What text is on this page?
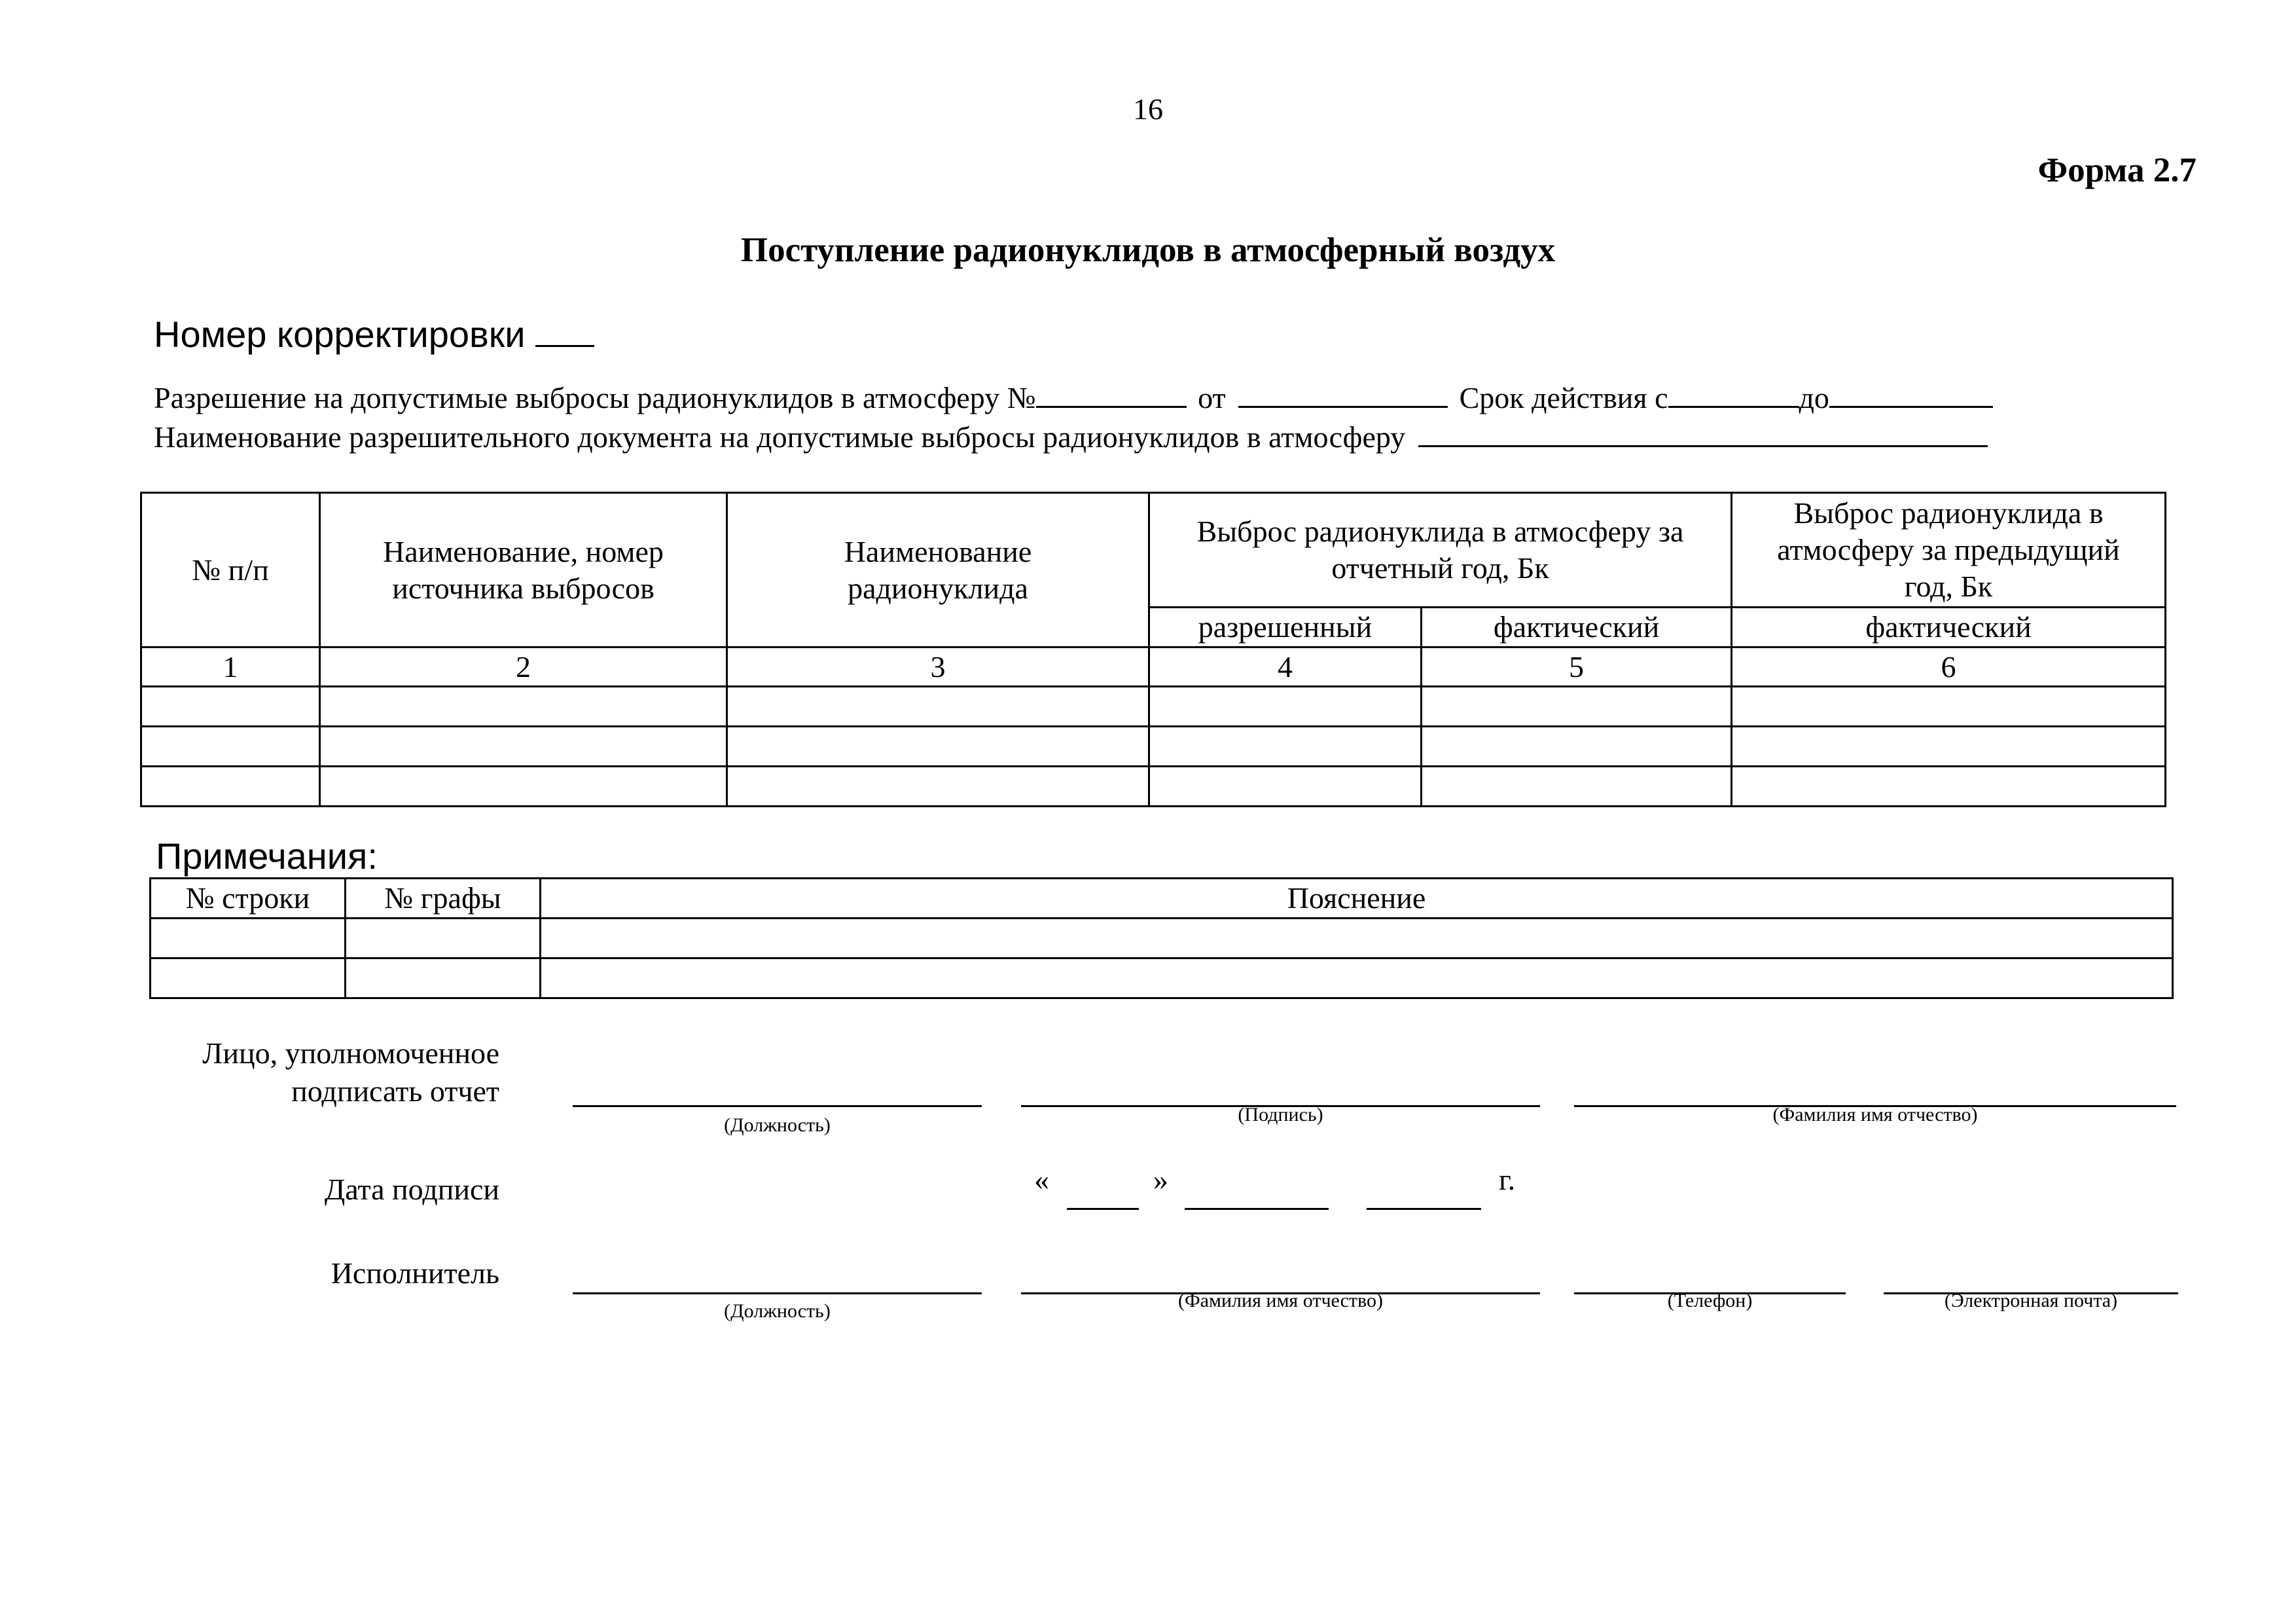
16
Форма 2.7
Поступление радионуклидов в атмосферный воздух
Номер корректировки
Разрешение на допустимые выбросы радионуклидов в атмосферу №	от	Срок действия с	до
Наименование разрешительного документа на допустимые выбросы радионуклидов в атмосферу
№ п/п	Наименование, номер источника выбросов	Наименование радионуклида	Выброс радионуклида в атмосферу за отчетный год, Бк		Выброс радионуклида в атмосферу за предыдущий год, Бк
			разрешенный	фактический	фактический
1	2	3	4	5	6

Примечания:
№ строки	№ графы	Пояснение

Лицо, уполномоченное подписать отчет
(Должность)	(Подпись)	(Фамилия имя отчество)
Дата подписи	«	»	г.
Исполнитель
(Должность)	(Фамилия имя отчество)	(Телефон)	(Электронная почта)
